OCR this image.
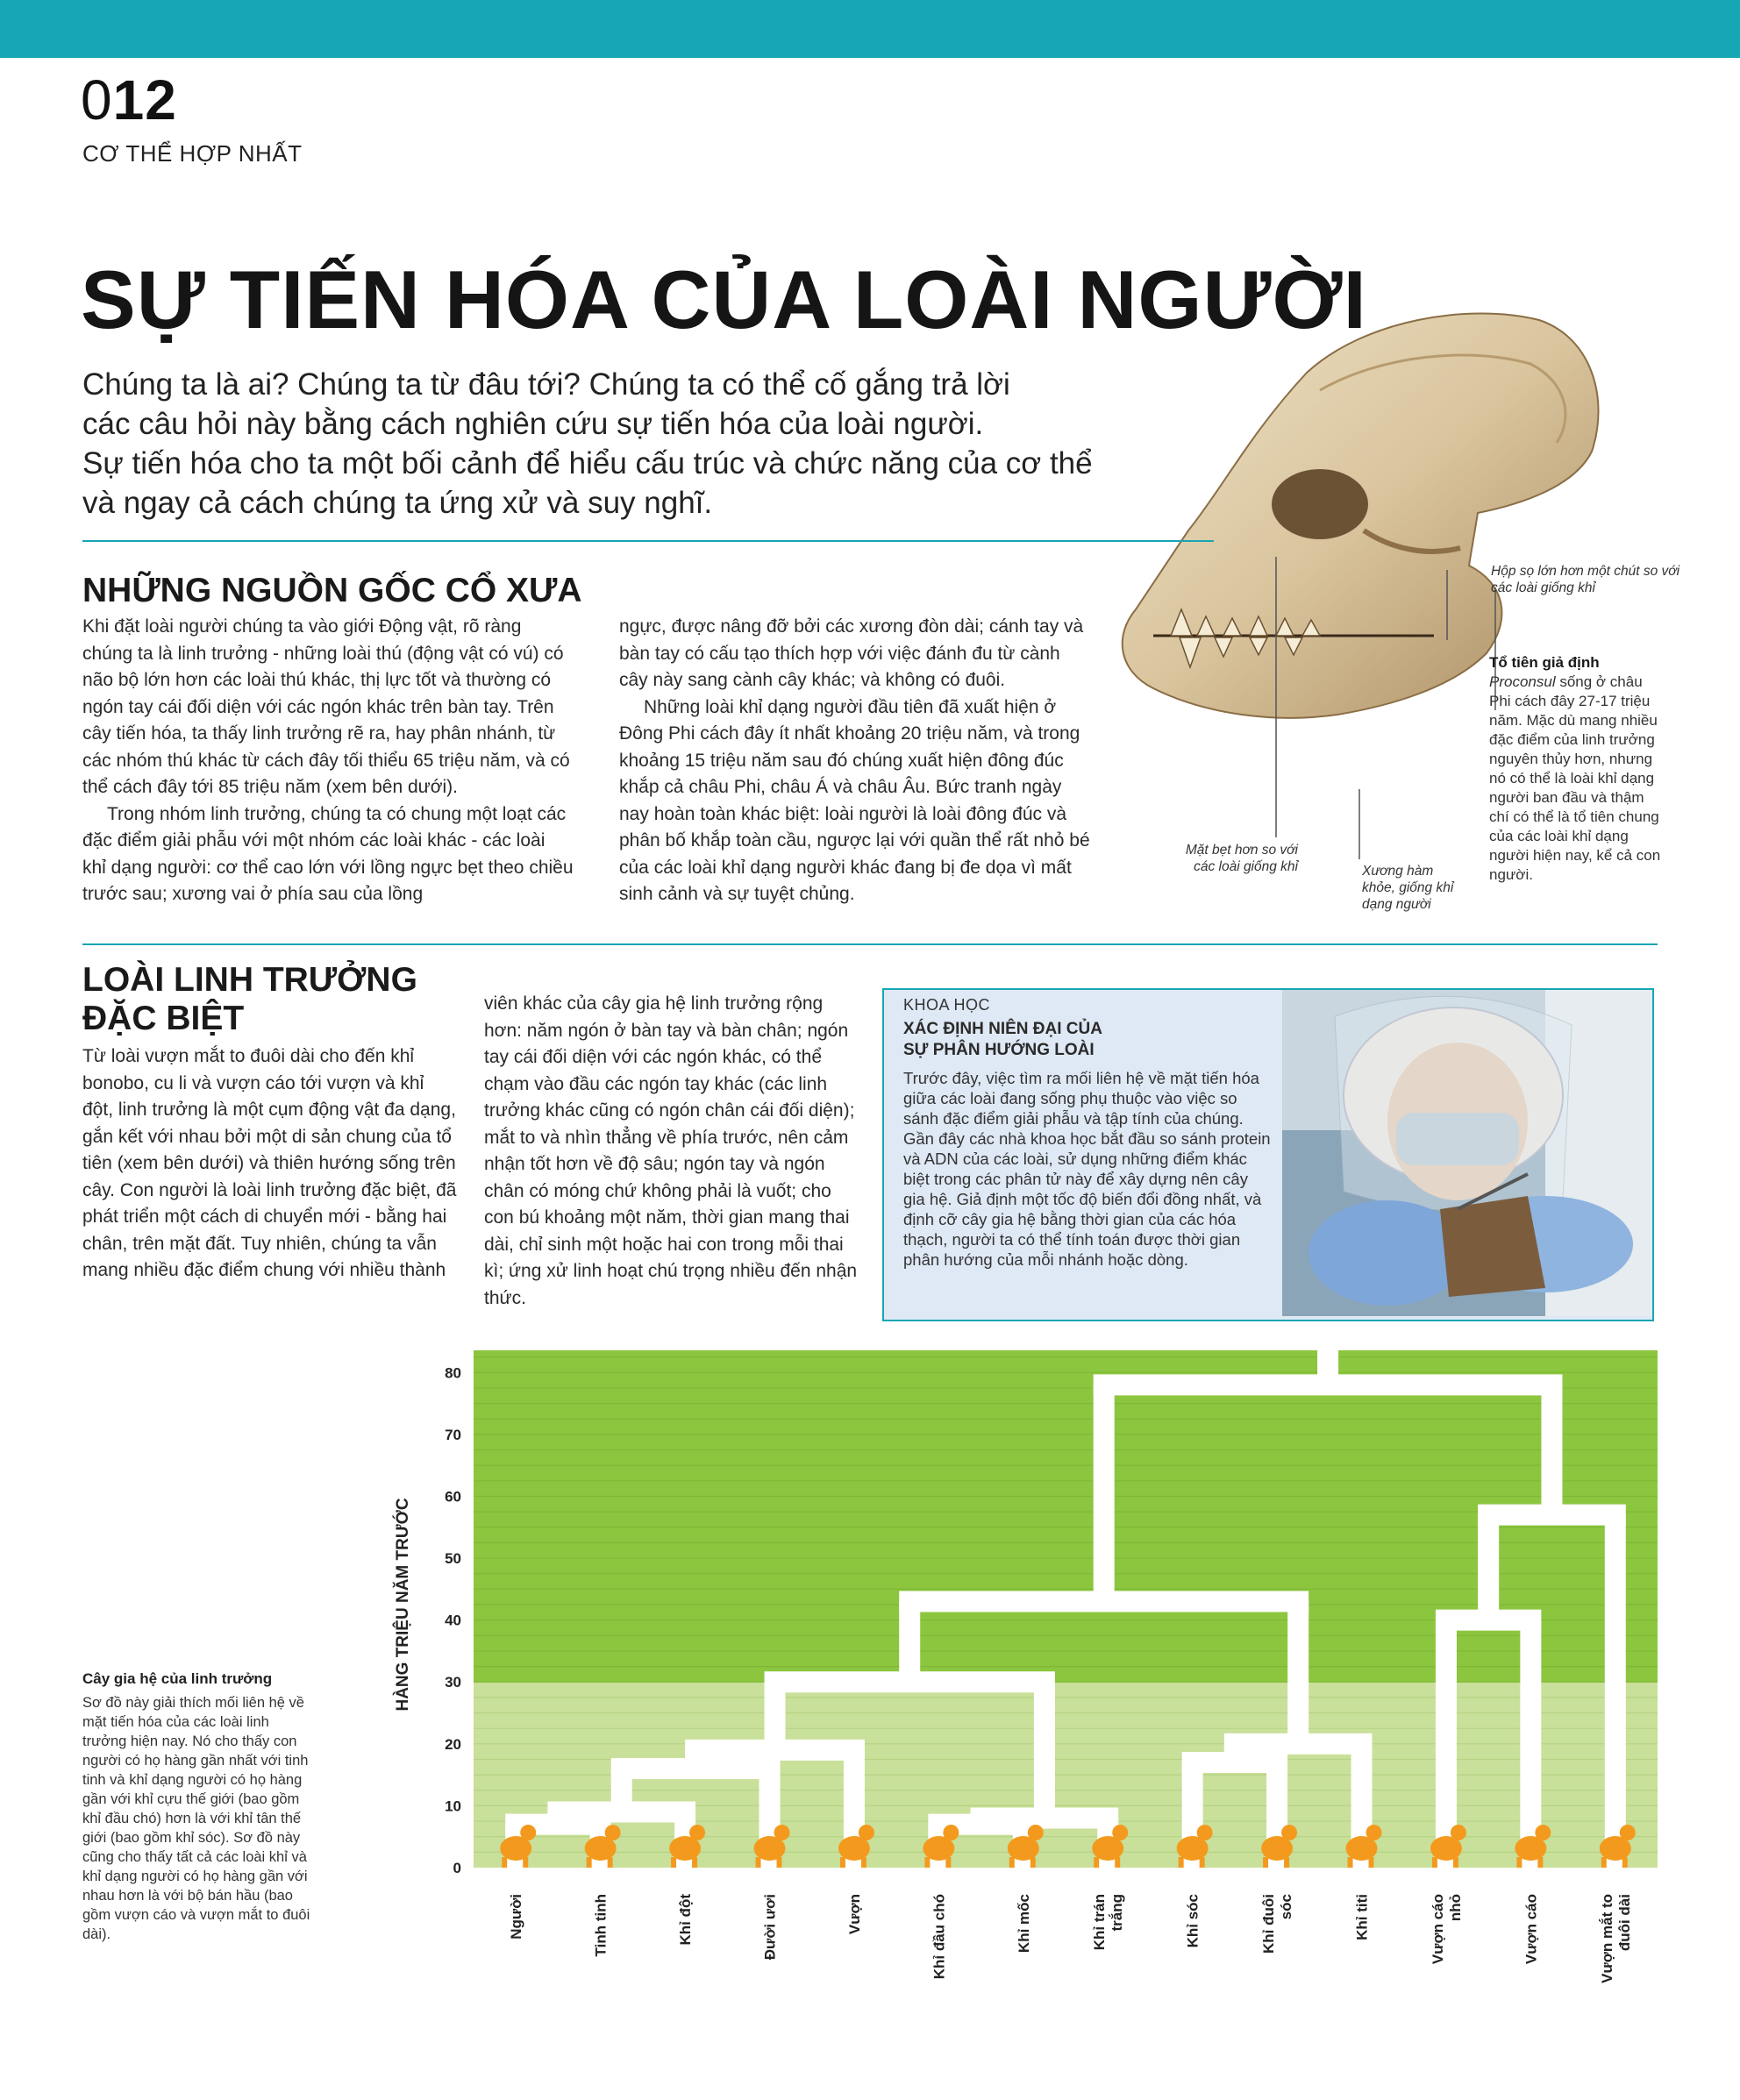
012
CƠ THỂ HỢP NHẤT
SỰ TIẾN HÓA CỦA LOÀI NGƯỜI
Chúng ta là ai? Chúng ta từ đâu tới? Chúng ta có thể cố gắng trả lời
các câu hỏi này bằng cách nghiên cứu sự tiến hóa của loài người.
Sự tiến hóa cho ta một bối cảnh để hiểu cấu trúc và chức năng của cơ thể
và ngay cả cách chúng ta ứng xử và suy nghĩ.
Hộp sọ lớn hơn một chút so với các loài giống khỉ
Mặt bẹt hơn so với các loài giống khỉ	Xương hàm khỏe, giống khỉ dạng người
Tổ tiên giả định
Proconsul sống ở châu Phi cách đây 27-17 triệu năm. Mặc dù mang nhiều đặc điểm của linh trưởng nguyên thủy hơn, nhưng nó có thể là loài khỉ dạng người ban đầu và thậm chí có thể là tổ tiên chung của các loài khỉ dạng người hiện nay, kể cả con người.
NHỮNG NGUỒN GỐC CỔ XƯA

Khi đặt loài người chúng ta vào giới Động vật, rõ ràng chúng ta là linh trưởng - những loài thú (động vật có vú) có não bộ lớn hơn các loài thú khác, thị lực tốt và thường có ngón tay cái đối diện với các ngón khác trên bàn tay. Trên cây tiến hóa, ta thấy linh trưởng rẽ ra, hay phân nhánh, từ các nhóm thú khác từ cách đây tối thiểu 65 triệu năm, và có thể cách đây tới 85 triệu năm (xem bên dưới).

Trong nhóm linh trưởng, chúng ta có chung một loạt các đặc điểm giải phẫu với một nhóm các loài khác - các loài khỉ dạng người: cơ thể cao lớn với lồng ngực bẹt theo chiều trước sau; xương vai ở phía sau của lồng

ngực, được nâng đỡ bởi các xương đòn dài; cánh tay và bàn tay có cấu tạo thích hợp với việc đánh đu từ cành cây này sang cành cây khác; và không có đuôi.

Những loài khỉ dạng người đầu tiên đã xuất hiện ở Đông Phi cách đây ít nhất khoảng 20 triệu năm, và trong khoảng 15 triệu năm sau đó chúng xuất hiện đông đúc khắp cả châu Phi, châu Á và châu Âu. Bức tranh ngày nay hoàn toàn khác biệt: loài người là loài đông đúc và phân bố khắp toàn cầu, ngược lại với quần thể rất nhỏ bé của các loài khỉ dạng người khác đang bị đe dọa vì mất sinh cảnh và sự tuyệt chủng.

LOÀI LINH TRƯỞNG
ĐẶC BIỆT

Từ loài vượn mắt to đuôi dài cho đến khỉ bonobo, cu li và vượn cáo tới vượn và khỉ đột, linh trưởng là một cụm động vật đa dạng, gắn kết với nhau bởi một di sản chung của tổ tiên (xem bên dưới) và thiên hướng sống trên cây. Con người là loài linh trưởng đặc biệt, đã phát triển một cách di chuyển mới - bằng hai chân, trên mặt đất. Tuy nhiên, chúng ta vẫn mang nhiều đặc điểm chung với nhiều thành

viên khác của cây gia hệ linh trưởng rộng hơn: năm ngón ở bàn tay và bàn chân; ngón tay cái đối diện với các ngón khác, có thể chạm vào đầu các ngón tay khác (các linh trưởng khác cũng có ngón chân cái đối diện); mắt to và nhìn thẳng về phía trước, nên cảm nhận tốt hơn về độ sâu; ngón tay và ngón chân có móng chứ không phải là vuốt; cho con bú khoảng một năm, thời gian mang thai dài, chỉ sinh một hoặc hai con trong mỗi thai kì; ứng xử linh hoạt chú trọng nhiều đến nhận thức.

KHOA HỌC
XÁC ĐỊNH NIÊN ĐẠI CỦA
SỰ PHÂN HƯỚNG LOÀI
Trước đây, việc tìm ra mối liên hệ về mặt tiến hóa giữa các loài đang sống phụ thuộc vào việc so sánh đặc điểm giải phẫu và tập tính của chúng. Gần đây các nhà khoa học bắt đầu so sánh protein và ADN của các loài, sử dụng những điểm khác biệt trong các phân tử này để xây dựng nên cây gia hệ. Giả định một tốc độ biến đổi đồng nhất, và định cỡ cây gia hệ bằng thời gian của các hóa thạch, người ta có thể tính toán được thời gian phân hướng của mỗi nhánh hoặc dòng.
Cây gia hệ của linh trưởng
Sơ đồ này giải thích mối liên hệ về mặt tiến hóa của các loài linh trưởng hiện nay. Nó cho thấy con người có họ hàng gần nhất với tinh tinh và khỉ dạng người có họ hàng gần với khỉ cựu thế giới (bao gồm khỉ đầu chó) hơn là với khỉ tân thế giới (bao gồm khỉ sóc). Sơ đồ này cũng cho thấy tất cả các loài khỉ và khỉ dạng người có họ hàng gần với nhau hơn là với bộ bán hầu (bao gồm vượn cáo và vượn mắt to đuôi dài).
0
10
20
30
40
50
60
70
80
Người	Tinh tinh	Khỉ đột	Đười ươi	Vượn	Khỉ đầu chó	Khỉ mốc	Khỉ trán trắng	Khỉ sóc	Khỉ đuôi sóc	Khỉ titi	Vượn cáo nhỏ	Vượn cáo	Vượn mắt to đuôi dài
HÀNG TRIỆU NĂM TRƯỚC
